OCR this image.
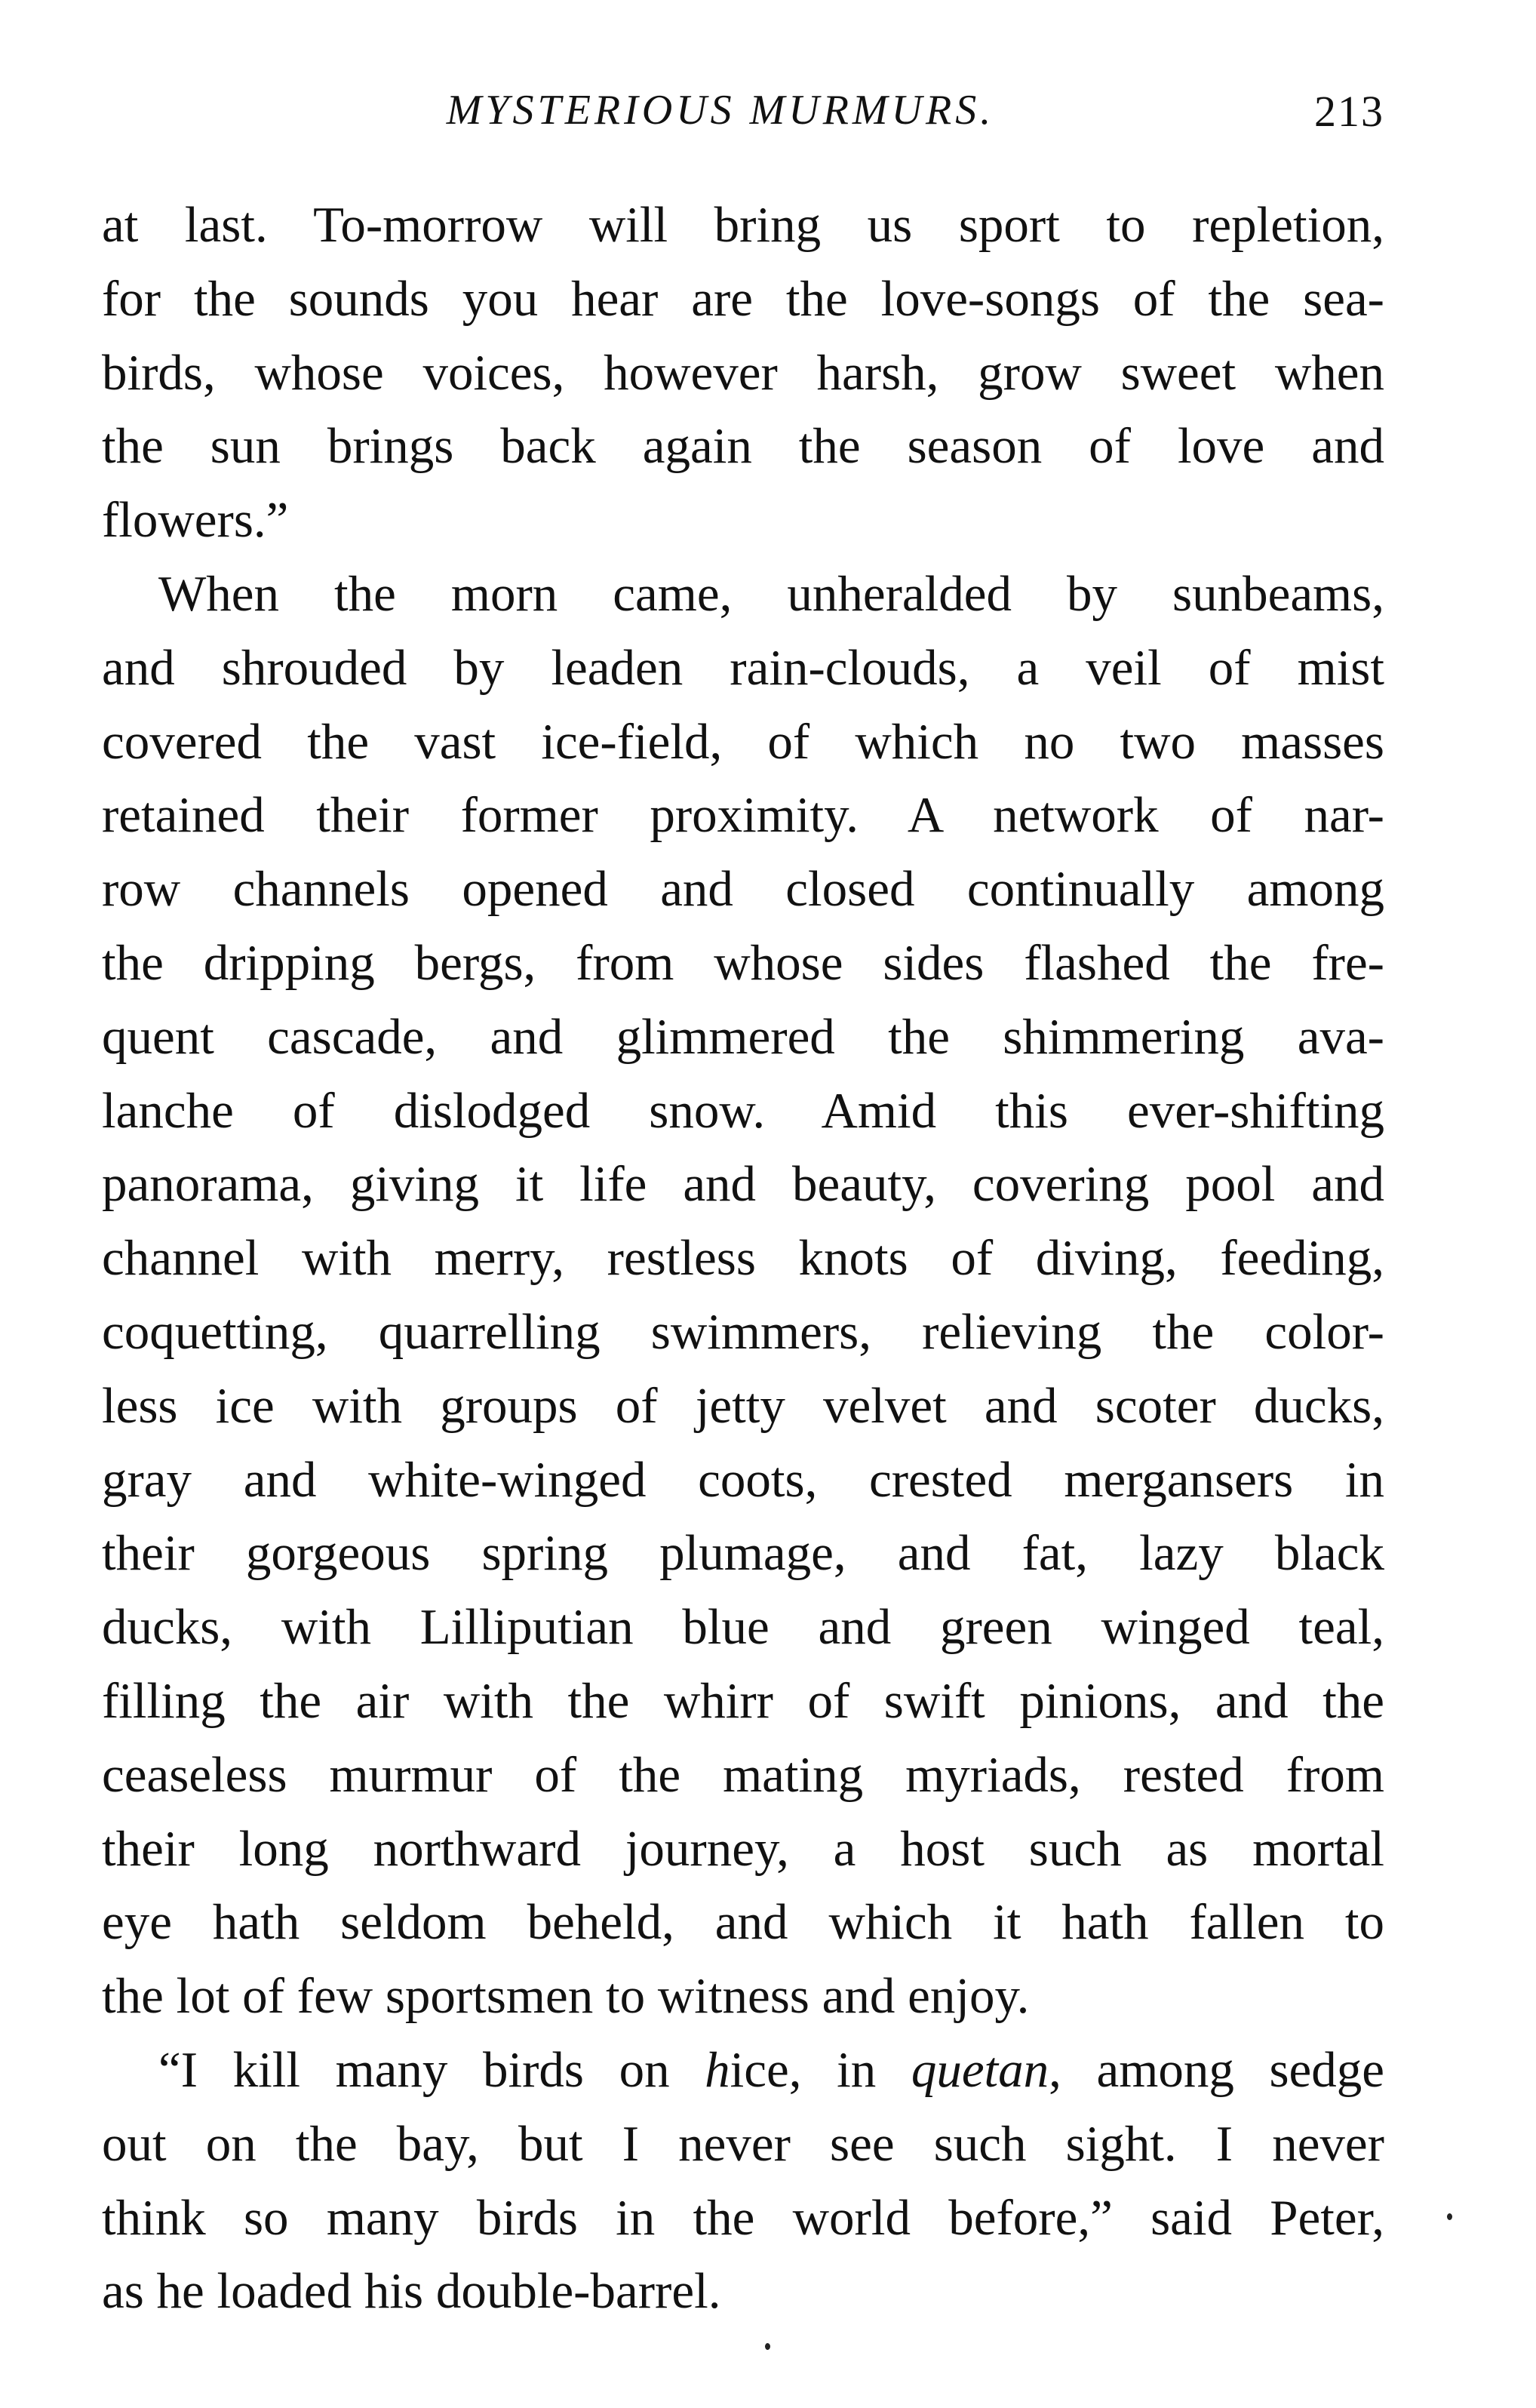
MYSTERIOUS MURMURS.	213
at last. To-morrow will bring us sport to repletion,
for the sounds you hear are the love-songs of the sea-
birds, whose voices, however harsh, grow sweet when
the sun brings back again the season of love and
flowers.”
When the morn came, unheralded by sunbeams,
and shrouded by leaden rain-clouds, a veil of mist
covered the vast ice-field, of which no two masses
retained their former proximity. A network of nar-
row channels opened and closed continually among
the dripping bergs, from whose sides flashed the fre-
quent cascade, and glimmered the shimmering ava-
lanche of dislodged snow. Amid this ever-shifting
panorama, giving it life and beauty, covering pool and
channel with merry, restless knots of diving, feeding,
coquetting, quarrelling swimmers, relieving the color-
less ice with groups of jetty velvet and scoter ducks,
gray and white-winged coots, crested mergansers in
their gorgeous spring plumage, and fat, lazy black
ducks, with Lilliputian blue and green winged teal,
filling the air with the whirr of swift pinions, and the
ceaseless murmur of the mating myriads, rested from
their long northward journey, a host such as mortal
eye hath seldom beheld, and which it hath fallen to
the lot of few sportsmen to witness and enjoy.
“I kill many birds on hice, in quetan, among sedge
out on the bay, but I never see such sight. I never
think so many birds in the world before,” said Peter,
as he loaded his double-barrel.
